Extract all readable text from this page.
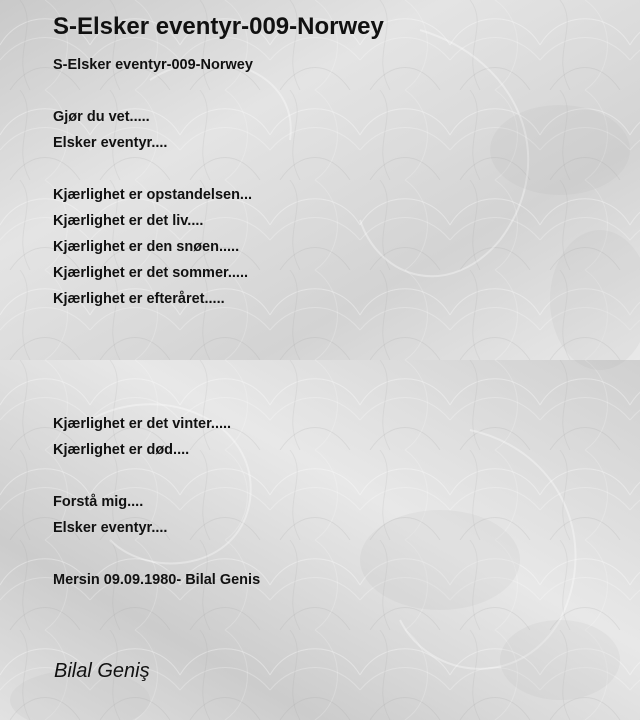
S-Elsker eventyr-009-Norwey
S-Elsker eventyr-009-Norwey
Gjør du vet.....
Elsker eventyr....
Kjærlighet er opstandelsen...
Kjærlighet er det liv....
Kjærlighet er den snøen.....
Kjærlighet er det sommer.....
Kjærlighet er efteråret.....
Kjærlighet er det vinter.....
Kjærlighet er død....
Forstå mig....
Elsker eventyr....
Mersin 09.09.1980- Bilal Genis
Bilal Geniş
